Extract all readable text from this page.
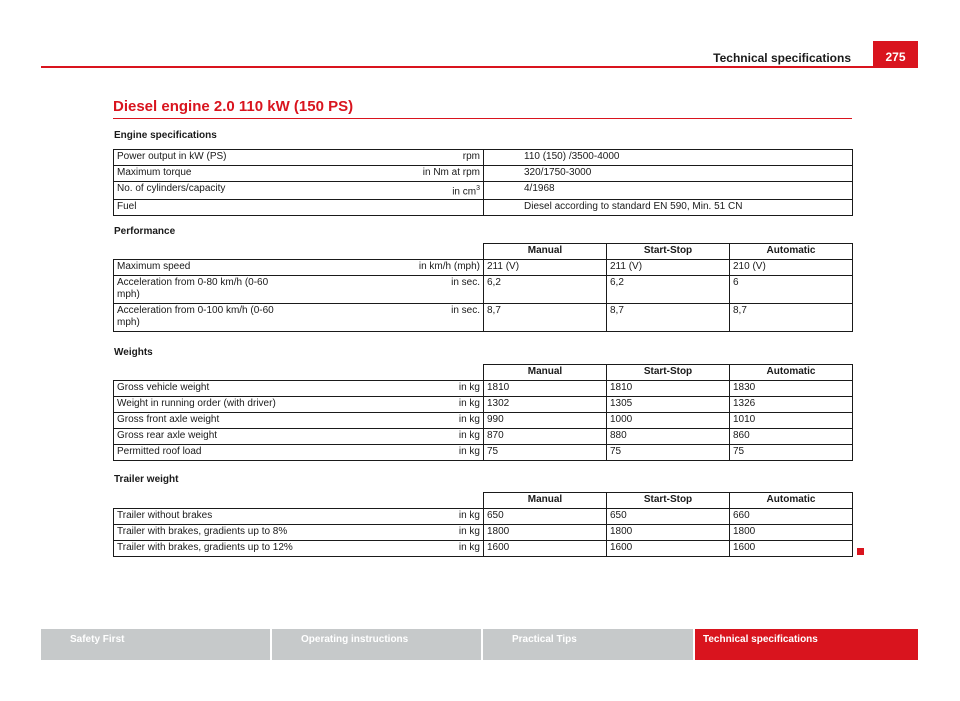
Technical specifications	275
Diesel engine 2.0 110 kW (150 PS)
Engine specifications
Power output in kW (PS)	rpm	110 (150) /3500-4000
Maximum torque	in Nm at rpm	320/1750-3000
No. of cylinders/capacity	in $cm^3$	4/1968
Fuel		Diesel according to standard EN 590, Min. 51 CN
Performance
		Manual	Start-Stop	Automatic
Maximum speed	in km/h (mph)	211 (V)	211 (V)	210 (V)
Acceleration from 0-80 km/h (0-60
mph)	in sec.	6,2	6,2	6
Acceleration from 0-100 km/h (0-60
mph)	in sec.	8,7	8,7	8,7
Weights
		Manual	Start-Stop	Automatic
Gross vehicle weight	in kg	1810	1810	1830
Weight in running order (with driver)	in kg	1302	1305	1326
Gross front axle weight	in kg	990	1000	1010
Gross rear axle weight	in kg	870	880	860
Permitted roof load	in kg	75	75	75
Trailer weight
		Manual	Start-Stop	Automatic
Trailer without brakes	in kg	650	650	660
Trailer with brakes, gradients up to 8%	in kg	1800	1800	1800
Trailer with brakes, gradients up to 12%	in kg	1600	1600	1600
Safety First	Operating instructions	Practical Tips	Technical specifications
